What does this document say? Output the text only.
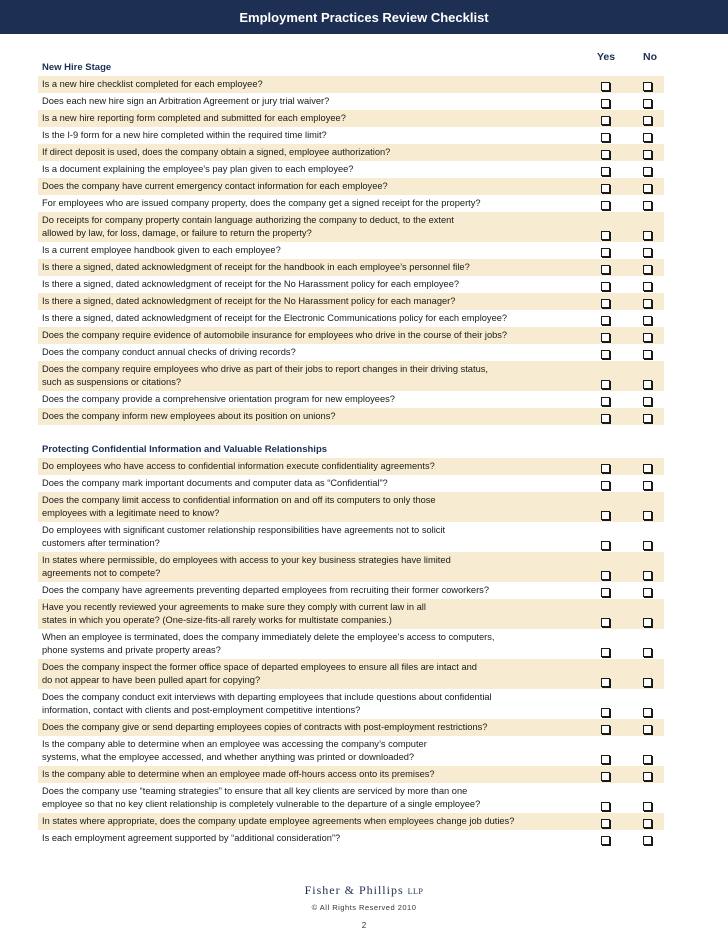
Employment Practices Review Checklist
Yes	No
New Hire Stage
Is a new hire checklist completed for each employee?
Does each new hire sign an Arbitration Agreement or jury trial waiver?
Is a new hire reporting form completed and submitted for each employee?
Is the I-9 form for a new hire completed within the required time limit?
If direct deposit is used, does the company obtain a signed, employee authorization?
Is a document explaining the employee’s pay plan given to each employee?
Does the company have current emergency contact information for each employee?
For employees who are issued company property, does the company get a signed receipt for the property?
Do receipts for company property contain language authorizing the company to deduct, to the extent
allowed by law, for loss, damage, or failure to return the property?
Is a current employee handbook given to each employee?
Is there a signed, dated acknowledgment of receipt for the handbook in each employee’s personnel file?
Is there a signed, dated acknowledgment of receipt for the No Harassment policy for each employee?
Is there a signed, dated acknowledgment of receipt for the No Harassment policy for each manager?
Is there a signed, dated acknowledgment of receipt for the Electronic Communications policy for each employee?
Does the company require evidence of automobile insurance for employees who drive in the course of their jobs?
Does the company conduct annual checks of driving records?
Does the company require employees who drive as part of their jobs to report changes in their driving status,
such as suspensions or citations?
Does the company provide a comprehensive orientation program for new employees?
Does the company inform new employees about its position on unions?
Protecting Confidential Information and Valuable Relationships
Do employees who have access to confidential information execute confidentiality agreements?
Does the company mark important documents and computer data as “Confidential”?
Does the company limit access to confidential information on and off its computers to only those
employees with a legitimate need to know?
Do employees with significant customer relationship responsibilities have agreements not to solicit
customers after termination?
In states where permissible, do employees with access to your key business strategies have limited
agreements not to compete?
Does the company have agreements preventing departed employees from recruiting their former coworkers?
Have you recently reviewed your agreements to make sure they comply with current law in all
states in which you operate? (One-size-fits-all rarely works for multistate companies.)
When an employee is terminated, does the company immediately delete the employee’s access to computers,
phone systems and private property areas?
Does the company inspect the former office space of departed employees to ensure all files are intact and
do not appear to have been pulled apart for copying?
Does the company conduct exit interviews with departing employees that include questions about confidential
information, contact with clients and post-employment competitive intentions?
Does the company give or send departing employees copies of contracts with post-employment restrictions?
Is the company able to determine when an employee was accessing the company’s computer
systems, what the employee accessed, and whether anything was printed or downloaded?
Is the company able to determine when an employee made off-hours access onto its premises?
Does the company use “teaming strategies” to ensure that all key clients are serviced by more than one
employee so that no key client relationship is completely vulnerable to the departure of a single employee?
In states where appropriate, does the company update employee agreements when employees change job duties?
Is each employment agreement supported by “additional consideration”?
Fisher & Phillips LLP
© All Rights Reserved 2010
2
